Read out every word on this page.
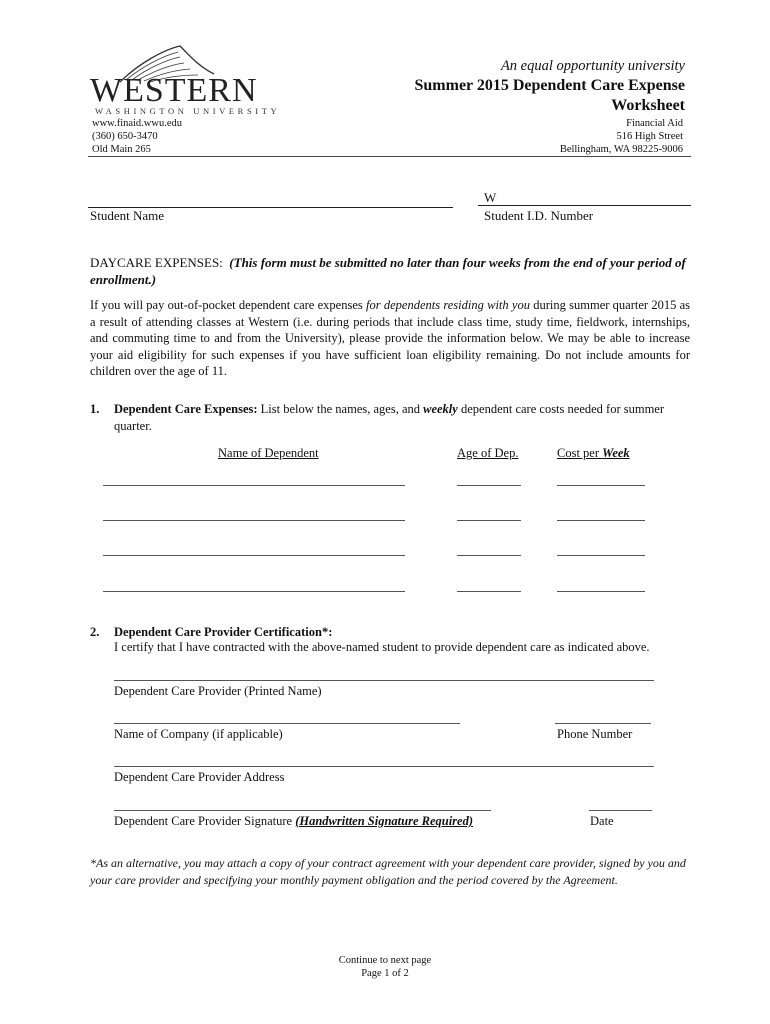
WESTERN
WASHINGTON UNIVERSITY
An equal opportunity university
Summer 2015 Dependent Care Expense
Worksheet
www.finaid.wwu.edu
(360) 650-3470
Old Main 265
Financial Aid
516 High Street
Bellingham, WA 98225-9006
W
Student Name	Student I.D. Number
DAYCARE EXPENSES: (This form must be submitted no later than four weeks from the end of your period of enrollment.)
If you will pay out-of-pocket dependent care expenses for dependents residing with you during summer quarter 2015 as a result of attending classes at Western (i.e. during periods that include class time, study time, fieldwork, internships, and commuting time to and from the University), please provide the information below. We may be able to increase your aid eligibility for such expenses if you have sufficient loan eligibility remaining. Do not include amounts for children over the age of 11.
1. Dependent Care Expenses: List below the names, ages, and weekly dependent care costs needed for summer quarter.
Name of Dependent	Age of Dep.	Cost per Week
2. Dependent Care Provider Certification*:
I certify that I have contracted with the above-named student to provide dependent care as indicated above.
Dependent Care Provider (Printed Name)
Name of Company (if applicable)	Phone Number
Dependent Care Provider Address
Dependent Care Provider Signature (Handwritten Signature Required)	Date
*As an alternative, you may attach a copy of your contract agreement with your dependent care provider, signed by you and your care provider and specifying your monthly payment obligation and the period covered by the Agreement.
Continue to next page
Page 1 of 2
